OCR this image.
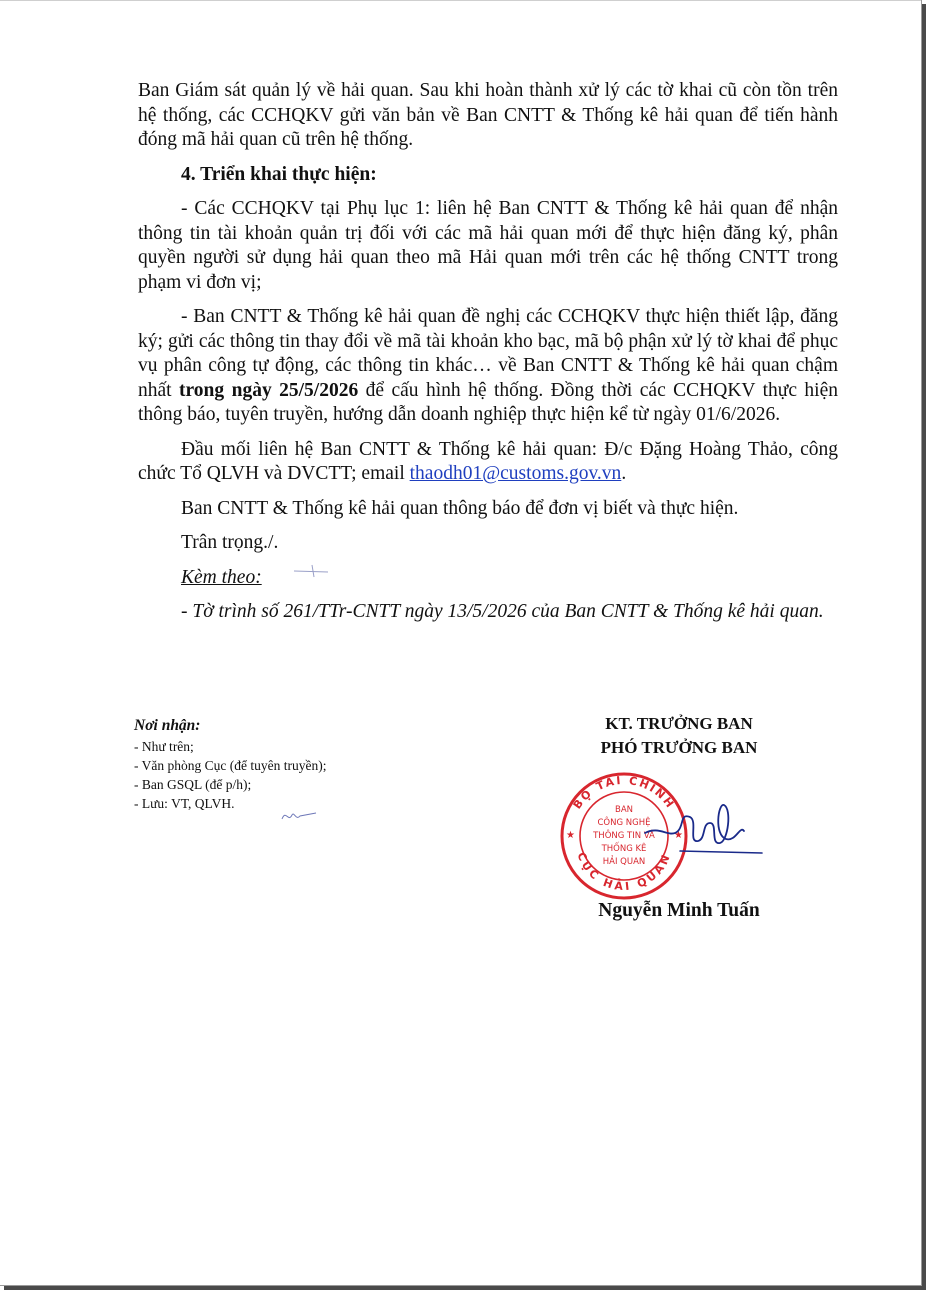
Ban Giám sát quản lý về hải quan. Sau khi hoàn thành xử lý các tờ khai cũ còn tồn trên hệ thống, các CCHQKV gửi văn bản về Ban CNTT & Thống kê hải quan để tiến hành đóng mã hải quan cũ trên hệ thống.

4. Triển khai thực hiện:

- Các CCHQKV tại Phụ lục 1: liên hệ Ban CNTT & Thống kê hải quan để nhận thông tin tài khoản quản trị đối với các mã hải quan mới để thực hiện đăng ký, phân quyền người sử dụng hải quan theo mã Hải quan mới trên các hệ thống CNTT trong phạm vi đơn vị;

- Ban CNTT & Thống kê hải quan đề nghị các CCHQKV thực hiện thiết lập, đăng ký; gửi các thông tin thay đổi về mã tài khoản kho bạc, mã bộ phận xử lý tờ khai để phục vụ phân công tự động, các thông tin khác… về Ban CNTT & Thống kê hải quan chậm nhất trong ngày 25/5/2026 để cấu hình hệ thống. Đồng thời các CCHQKV thực hiện thông báo, tuyên truyền, hướng dẫn doanh nghiệp thực hiện kể từ ngày 01/6/2026.

Đầu mối liên hệ Ban CNTT & Thống kê hải quan: Đ/c Đặng Hoàng Thảo, công chức Tổ QLVH và DVCTT; email thaodh01@customs.gov.vn.

Ban CNTT & Thống kê hải quan thông báo để đơn vị biết và thực hiện.

Trân trọng./.

Kèm theo:

- Tờ trình số 261/TTr-CNTT ngày 13/5/2026 của Ban CNTT & Thống kê hải quan.

Nơi nhận:
- Như trên;
- Văn phòng Cục (để tuyên truyền);
- Ban GSQL (để p/h);
- Lưu: VT, QLVH.
KT. TRƯỞNG BAN
PHÓ TRƯỞNG BAN
BỘ TÀI CHÍNH
CỤC HẢI QUAN
★	★
BAN
CÔNG NGHỆ
THÔNG TIN VÀ
THỐNG KÊ
HẢI QUAN
Nguyễn Minh Tuấn
